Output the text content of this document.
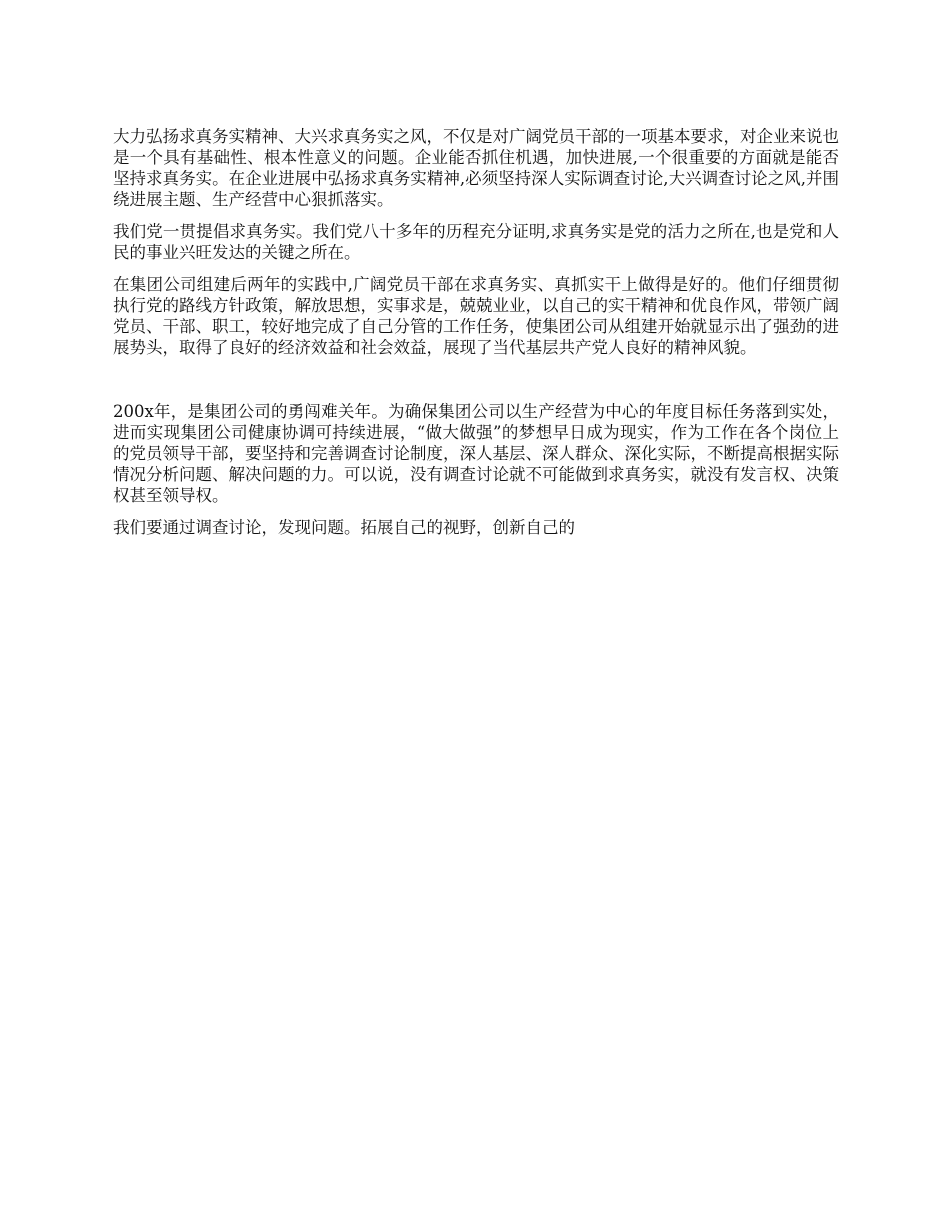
大力弘扬求真务实精神、大兴求真务实之风，不仅是对广阔党员干部的一项基本要求，对企业来说也是一个具有基础性、根本性意义的问题。企业能否抓住机遇，加快进展,一个很重要的方面就是能否坚持求真务实。在企业进展中弘扬求真务实精神,必须坚持深人实际调查讨论,大兴调查讨论之风,并围绕进展主题、生产经营中心狠抓落实。

我们党一贯提倡求真务实。我们党八十多年的历程充分证明,求真务实是党的活力之所在,也是党和人民的事业兴旺发达的关键之所在。

在集团公司组建后两年的实践中,广阔党员干部在求真务实、真抓实干上做得是好的。他们仔细贯彻执行党的路线方针政策，解放思想，实事求是，兢兢业业，以自己的实干精神和优良作风，带领广阔党员、干部、职工，较好地完成了自己分管的工作任务，使集团公司从组建开始就显示出了强劲的进展势头，取得了良好的经济效益和社会效益，展现了当代基层共产党人良好的精神风貌。

200x年，是集团公司的勇闯难关年。为确保集团公司以生产经营为中心的年度目标任务落到实处，进而实现集团公司健康协调可持续进展，“做大做强”的梦想早日成为现实，作为工作在各个岗位上的党员领导干部，要坚持和完善调查讨论制度，深人基层、深人群众、深化实际，不断提高根据实际情况分析问题、解决问题的力。可以说，没有调查讨论就不可能做到求真务实，就没有发言权、决策权甚至领导权。

我们要通过调查讨论，发现问题。拓展自己的视野，创新自己的
